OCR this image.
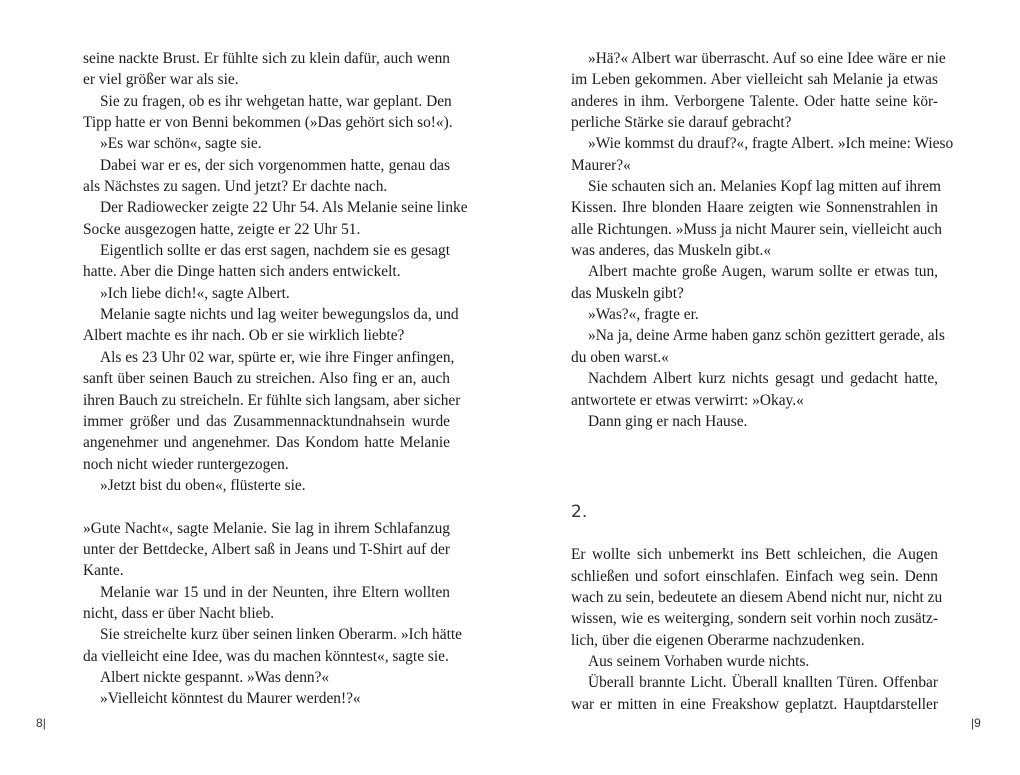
seine nackte Brust. Er fühlte sich zu klein dafür, auch wenn
er viel größer war als sie.
Sie zu fragen, ob es ihr wehgetan hatte, war geplant. Den
Tipp hatte er von Benni bekommen (»Das gehört sich so!«).
»Es war schön«, sagte sie.
Dabei war er es, der sich vorgenommen hatte, genau das
als Nächstes zu sagen. Und jetzt? Er dachte nach.
Der Radiowecker zeigte 22 Uhr 54. Als Melanie seine linke
Socke ausgezogen hatte, zeigte er 22 Uhr 51.
Eigentlich sollte er das erst sagen, nachdem sie es gesagt
hatte. Aber die Dinge hatten sich anders entwickelt.
»Ich liebe dich!«, sagte Albert.
Melanie sagte nichts und lag weiter bewegungslos da, und
Albert machte es ihr nach. Ob er sie wirklich liebte?
Als es 23 Uhr 02 war, spürte er, wie ihre Finger anfingen,
sanft über seinen Bauch zu streichen. Also fing er an, auch
ihren Bauch zu streicheln. Er fühlte sich langsam, aber sicher
immer größer und das Zusammennacktundnahsein wurde
angenehmer und angenehmer. Das Kondom hatte Melanie
noch nicht wieder runtergezogen.
»Jetzt bist du oben«, flüsterte sie.
»Gute Nacht«, sagte Melanie. Sie lag in ihrem Schlafanzug
unter der Bettdecke, Albert saß in Jeans und T-Shirt auf der
Kante.
Melanie war 15 und in der Neunten, ihre Eltern wollten
nicht, dass er über Nacht blieb.
Sie streichelte kurz über seinen linken Oberarm. »Ich hätte
da vielleicht eine Idee, was du machen könntest«, sagte sie.
Albert nickte gespannt. »Was denn?«
»Vielleicht könntest du Maurer werden!?«
»Hä?« Albert war überrascht. Auf so eine Idee wäre er nie
im Leben gekommen. Aber vielleicht sah Melanie ja etwas
anderes in ihm. Verborgene Talente. Oder hatte seine kör-
perliche Stärke sie darauf gebracht?
»Wie kommst du drauf?«, fragte Albert. »Ich meine: Wieso
Maurer?«
Sie schauten sich an. Melanies Kopf lag mitten auf ihrem
Kissen. Ihre blonden Haare zeigten wie Sonnenstrahlen in
alle Richtungen. »Muss ja nicht Maurer sein, vielleicht auch
was anderes, das Muskeln gibt.«
Albert machte große Augen, warum sollte er etwas tun,
das Muskeln gibt?
»Was?«, fragte er.
»Na ja, deine Arme haben ganz schön gezittert gerade, als
du oben warst.«
Nachdem Albert kurz nichts gesagt und gedacht hatte,
antwortete er etwas verwirrt: »Okay.«
Dann ging er nach Hause.
2.
Er wollte sich unbemerkt ins Bett schleichen, die Augen
schließen und sofort einschlafen. Einfach weg sein. Denn
wach zu sein, bedeutete an diesem Abend nicht nur, nicht zu
wissen, wie es weiterging, sondern seit vorhin noch zusätz-
lich, über die eigenen Oberarme nachzudenken.
Aus seinem Vorhaben wurde nichts.
Überall brannte Licht. Überall knallten Türen. Offenbar
war er mitten in eine Freakshow geplatzt. Hauptdarsteller
8|	|9
